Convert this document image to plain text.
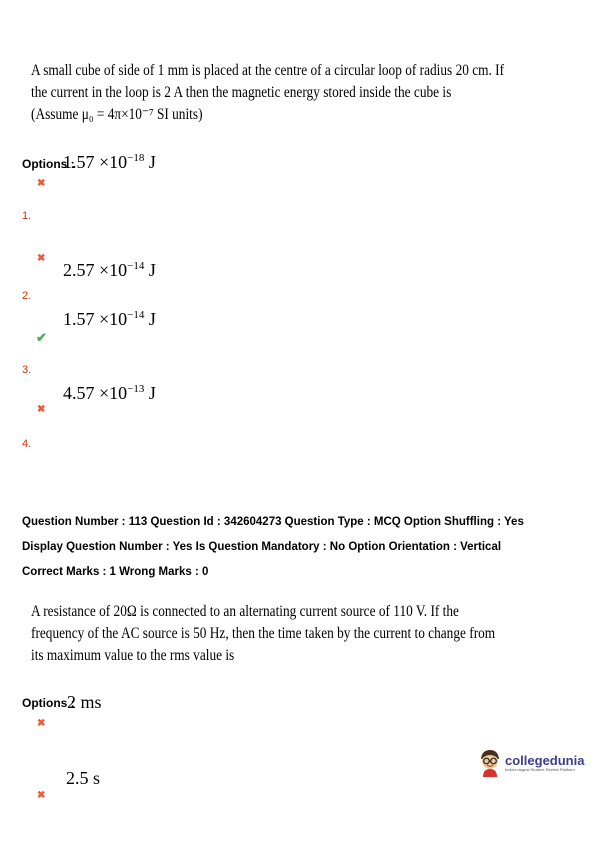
A small cube of side of 1 mm is placed at the centre of a circular loop of radius 20 cm. If
the current in the loop is 2 A then the magnetic energy stored inside the cube is
(Assume μ₀ = 4π×10⁻⁷ SI units)
Options :
$1.57 \times 10^{-18}$ J
✖
1.
✖
$2.57 \times 10^{-14}$ J
2.
$1.57 \times 10^{-14}$ J
✔
3.
$4.57 \times 10^{-13}$ J
✖
4.
Question Number : 113 Question Id : 342604273 Question Type : MCQ Option Shuffling : Yes
Display Question Number : Yes Is Question Mandatory : No Option Orientation : Vertical
Correct Marks : 1 Wrong Marks : 0
A resistance of 20Ω is connected to an alternating current source of 110 V. If the
frequency of the AC source is 50 Hz, then the time taken by the current to change from
its maximum value to the rms value is
Options :
2 ms
✖
2.5 s
✖
collegedunia
India's largest Student Review Platform
